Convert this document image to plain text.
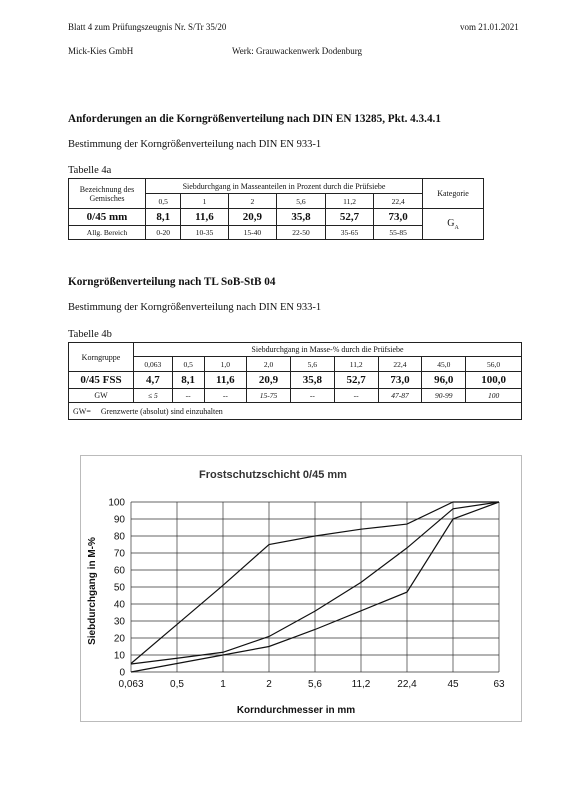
Blatt 4 zum Prüfungszeugnis Nr. S/Tr 35/20	vom 21.01.2021
Mick-Kies GmbH	Werk: Grauwackenwerk Dodenburg
Anforderungen an die Korngrößenverteilung nach DIN EN 13285, Pkt. 4.3.4.1
Bestimmung der Korngrößenverteilung nach DIN EN 933-1
Tabelle 4a
Bezeichnung des Gemisches	Siebdurchgang in Masseanteilen in Prozent durch die Prüfsiebe						Kategorie
	0,5	1	2	5,6	11,2	22,4	
0/45 mm	8,1	11,6	20,9	35,8	52,7	73,0	$G_A$
Allg. Bereich	0-20	10-35	15-40	22-50	35-65	55-85	
Korngrößenverteilung nach TL SoB-StB 04
Bestimmung der Korngrößenverteilung nach DIN EN 933-1
Tabelle 4b
Korngruppe	Siebdurchgang in Masse-% durch die Prüfsiebe								
	0,063	0,5	1,0	2,0	5,6	11,2	22,4	45,0	56,0
0/45 FSS	4,7	8,1	11,6	20,9	35,8	52,7	73,0	96,0	100,0
GW	≤ 5	--	--	15-75	--	--	47-87	90-99	100
GW= Grenzwerte (absolut) sind einzuhalten									
Frostschutzschicht 0/45 mm
Korndurchmesser in mm
Siebdurchgang in M-%
0
10
20
30
40
50
60
70
80
90
100
0,063	0,5	1	2	5,6	11,2	22,4	45	63
